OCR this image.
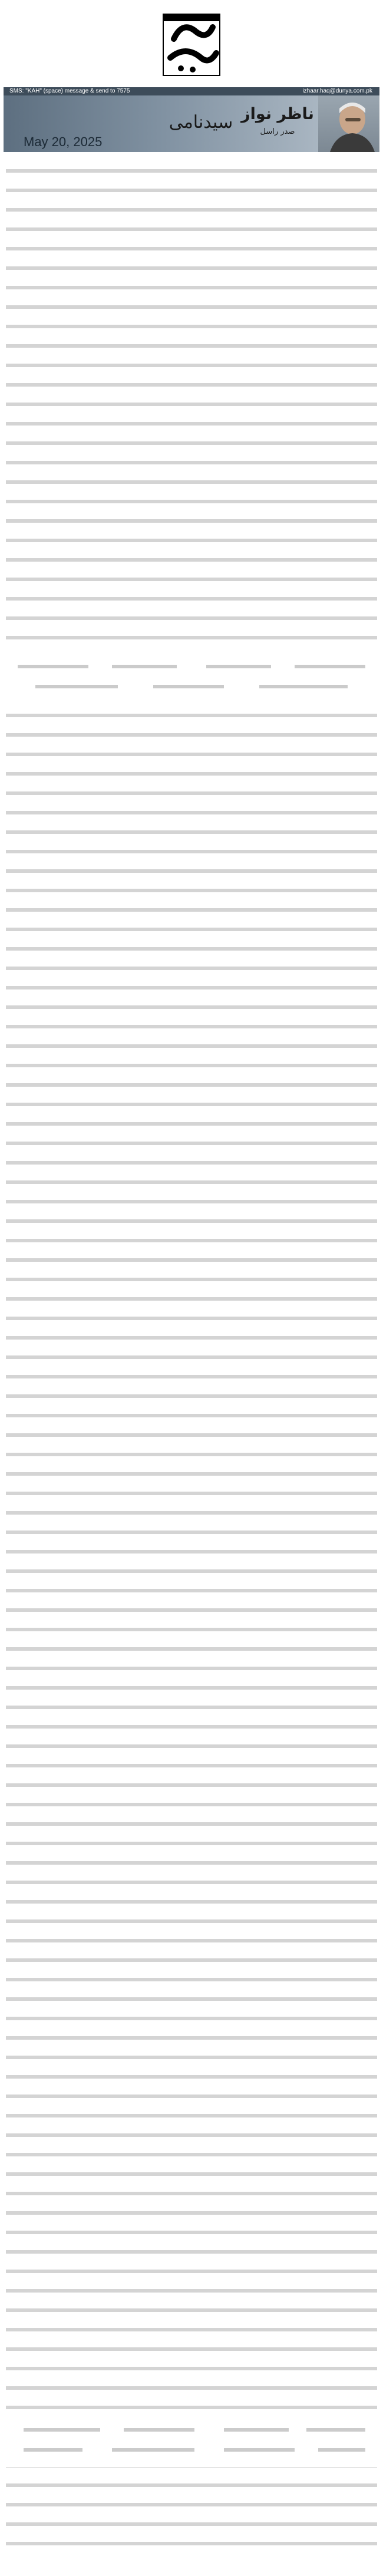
SMS: "KAH" (space) message & send to 7575	izhaar.haq@dunya.com.pk
May 20, 2025
سیدنامی ناظر نواز
صدر راسل
